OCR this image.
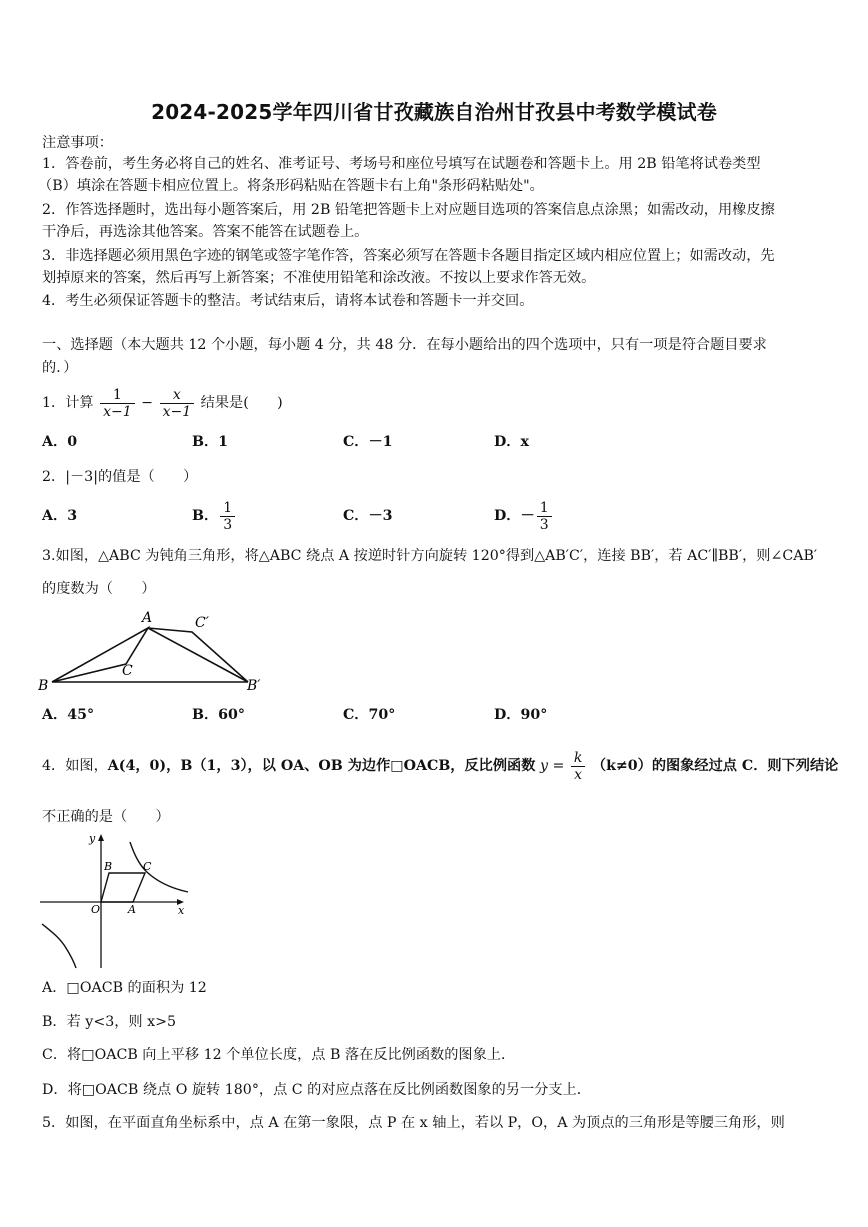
2024-2025学年四川省甘孜藏族自治州甘孜县中考数学模试卷
注意事项：
1．答卷前，考生务必将自己的姓名、准考证号、考场号和座位号填写在试题卷和答题卡上。用 2B 铅笔将试卷类型
（B）填涂在答题卡相应位置上。将条形码粘贴在答题卡右上角"条形码粘贴处"。
2．作答选择题时，选出每小题答案后，用 2B 铅笔把答题卡上对应题目选项的答案信息点涂黑；如需改动，用橡皮擦
干净后，再选涂其他答案。答案不能答在试题卷上。
3．非选择题必须用黑色字迹的钢笔或签字笔作答，答案必须写在答题卡各题目指定区域内相应位置上；如需改动，先
划掉原来的答案，然后再写上新答案；不准使用铅笔和涂改液。不按以上要求作答无效。
4．考生必须保证答题卡的整洁。考试结束后，请将本试卷和答题卡一并交回。
一、选择题（本大题共 12 个小题，每小题 4 分，共 48 分．在每小题给出的四个选项中，只有一项是符合题目要求
的．）
1．计算 $\frac{1}{x-1} - \frac{x}{x-1}$ 结果是(　　)
A．0	B．1	C．－1	D．x
2．|－3|的值是（　　）
A．3	B． $\frac{1}{3}$	C．－3	D．－ $\frac{1}{3}$
3.如图，△ABC 为钝角三角形，将△ABC 绕点 A 按逆时针方向旋转 120°得到△AB′C′，连接 BB′，若 AC′∥BB′，则∠CAB′
的度数为（　　）
A	C′
C
B	B′
A．45°	B．60°	C．70°	D．90°
4．如图，A(4，0)，B（1，3），以 OA、OB 为边作□OACB，反比例函数 $y = \frac{k}{x} (k\ne 0)$的图象经过点 C．则下列结论
不正确的是（　　）
y
x
O	A
B	C
A．□OACB 的面积为 12
B．若 y<3，则 x>5
C．将□OACB 向上平移 12 个单位长度，点 B 落在反比例函数的图象上．
D．将□OACB 绕点 O 旋转 180°，点 C 的对应点落在反比例函数图象的另一分支上．
5．如图，在平面直角坐标系中，点 A 在第一象限，点 P 在 x 轴上，若以 P，O，A 为顶点的三角形是等腰三角形，则
